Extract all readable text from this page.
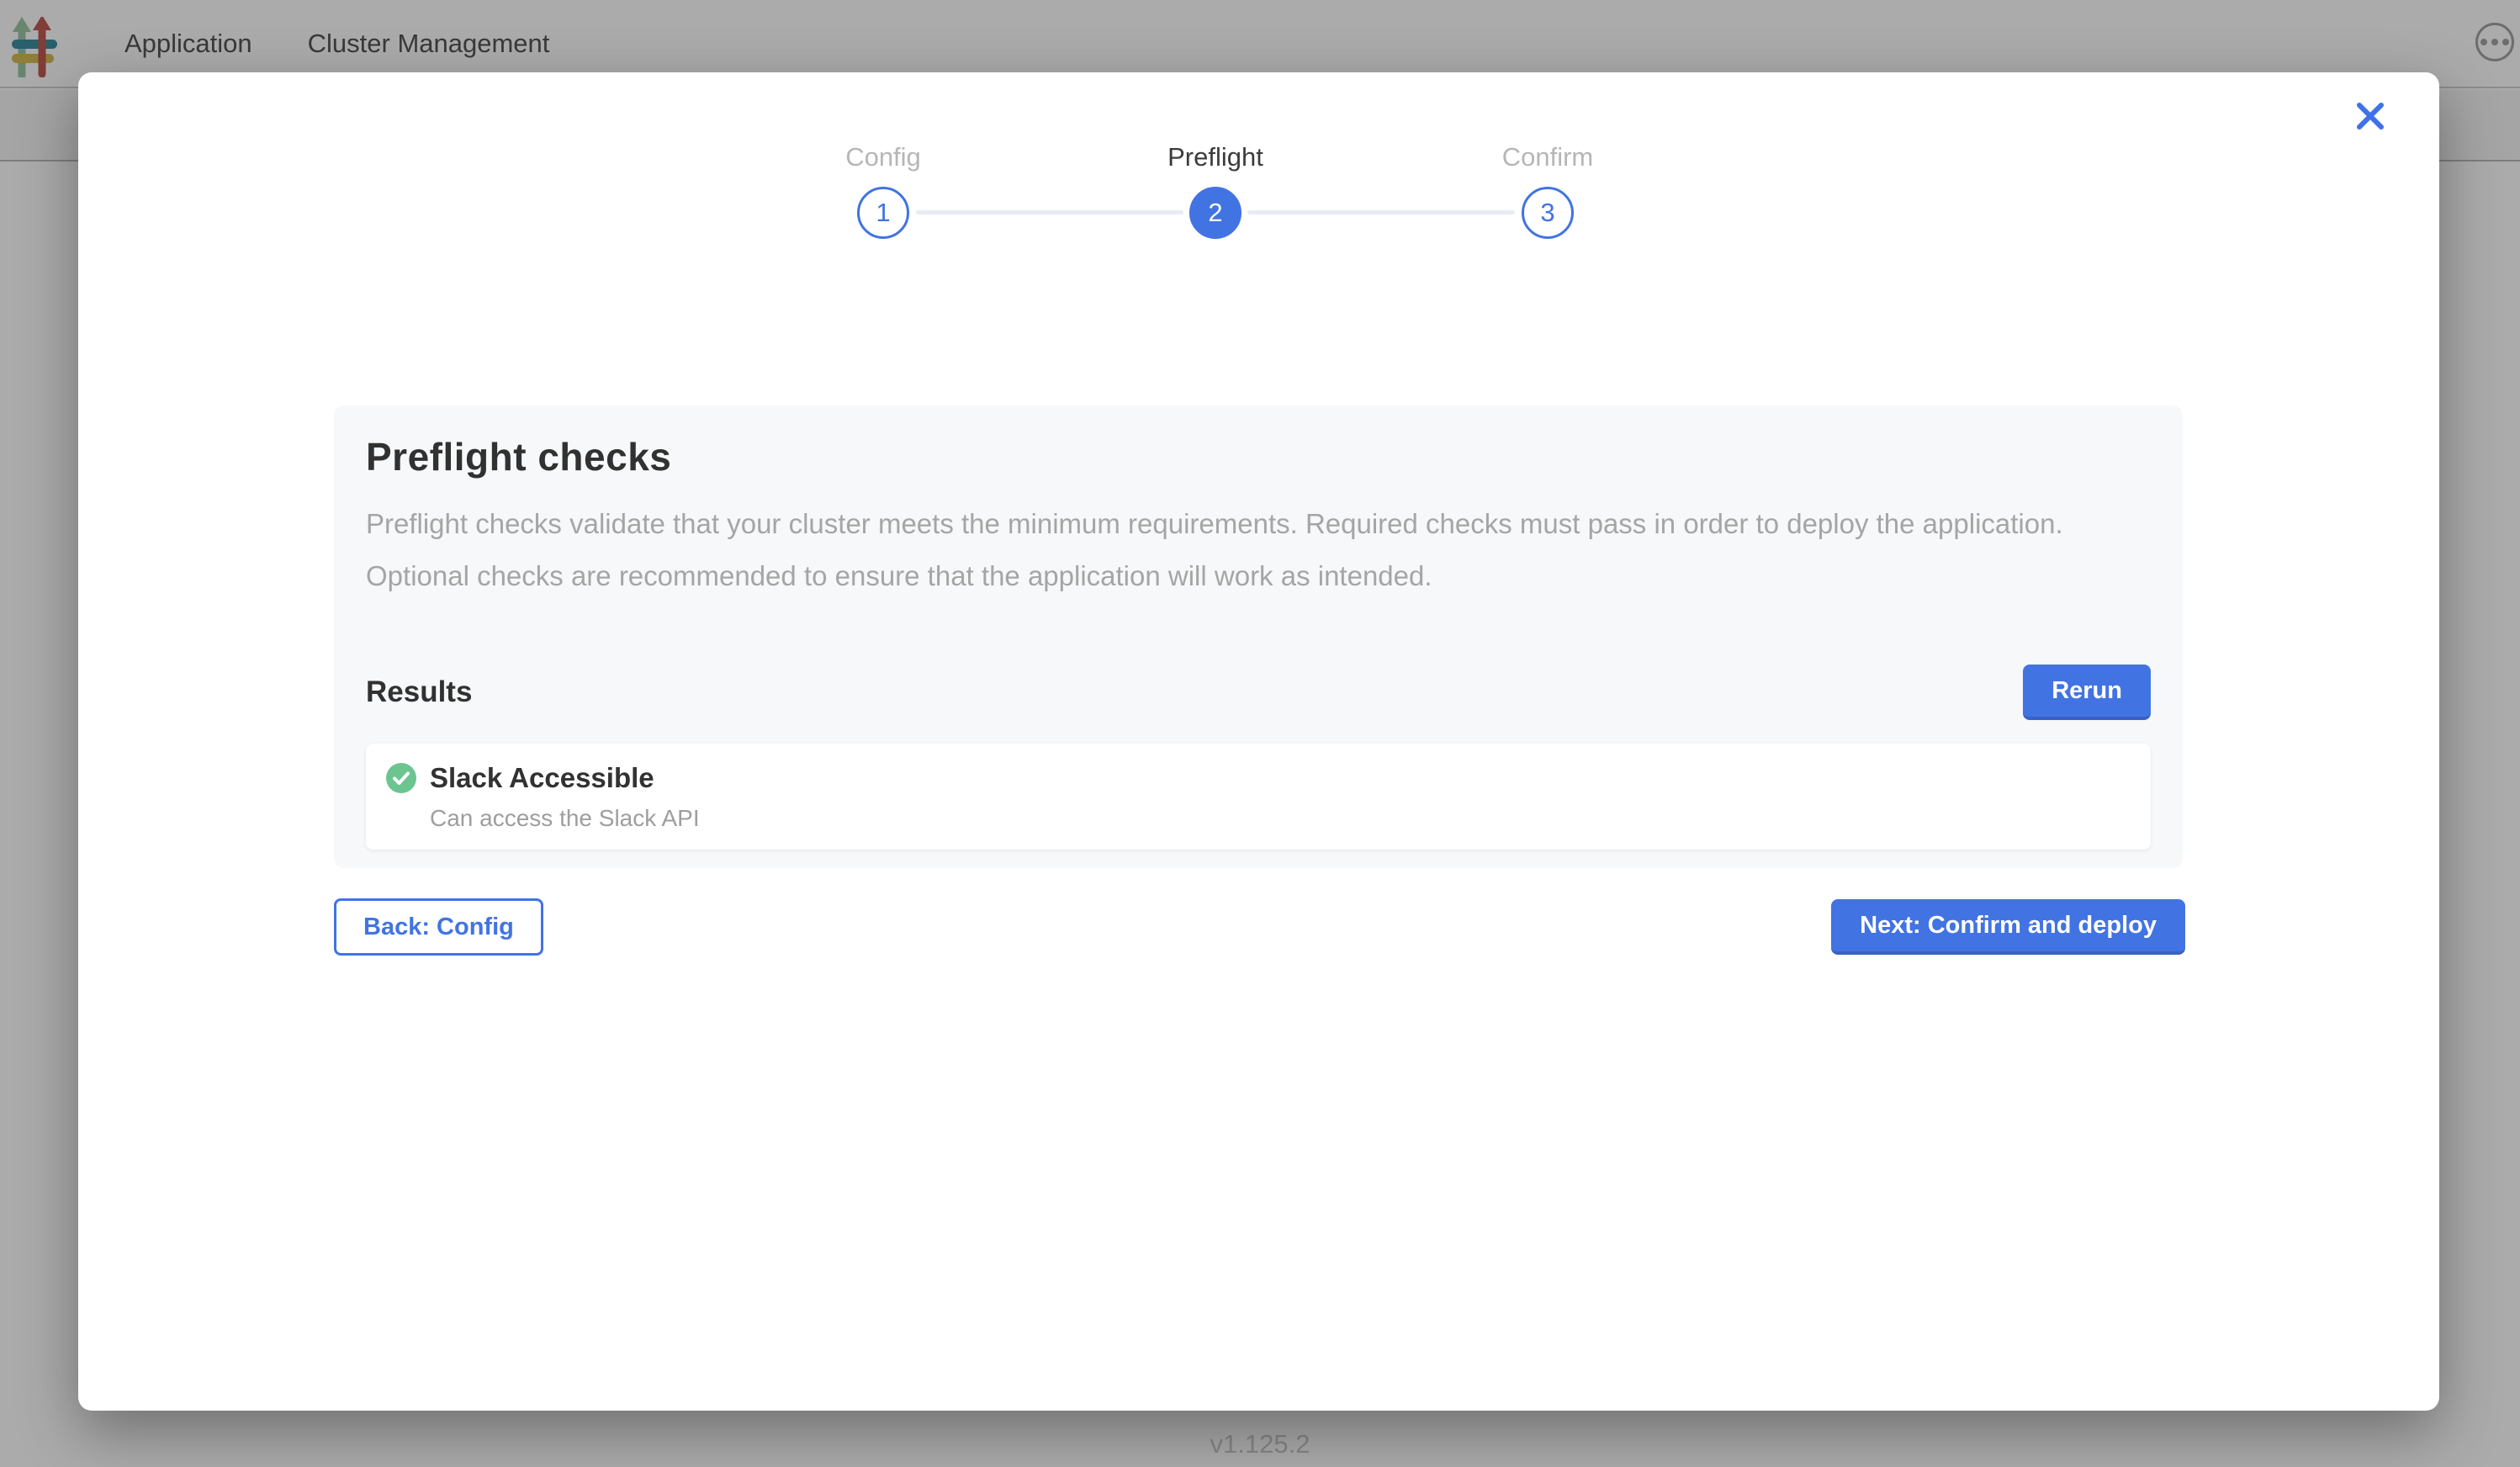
Application Cluster Management
v1.125.2
Config
1
Preflight
2
Confirm
3
Preflight checks
Preflight checks validate that your cluster meets the minimum requirements. Required checks must pass in order to deploy the application. Optional checks are recommended to ensure that the application will work as intended.
Results	Rerun
Slack Accessible
Can access the Slack API
Back: Config	Next: Confirm and deploy
